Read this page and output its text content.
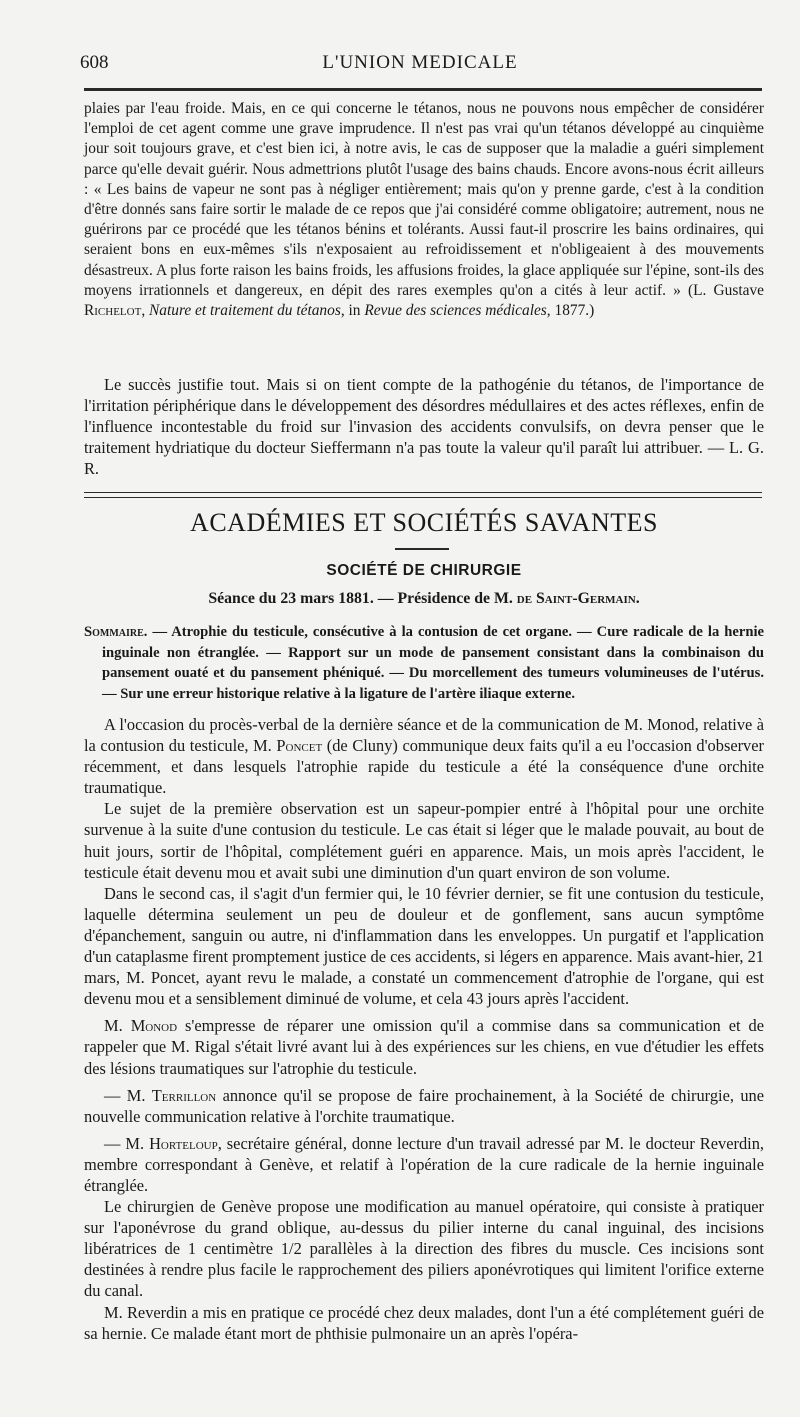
608	L'UNION MEDICALE

plaies par l'eau froide. Mais, en ce qui concerne le tétanos, nous ne pouvons nous empêcher de considérer l'emploi de cet agent comme une grave imprudence. Il n'est pas vrai qu'un tétanos développé au cinquième jour soit toujours grave, et c'est bien ici, à notre avis, le cas de supposer que la maladie a guéri simplement parce qu'elle devait guérir. Nous admettrions plutôt l'usage des bains chauds. Encore avons-nous écrit ailleurs : « Les bains de vapeur ne sont pas à négliger entièrement; mais qu'on y prenne garde, c'est à la condition d'être donnés sans faire sortir le malade de ce repos que j'ai considéré comme obligatoire; autrement, nous ne guérirons par ce procédé que les tétanos bénins et tolérants. Aussi faut-il proscrire les bains ordinaires, qui seraient bons en eux-mêmes s'ils n'exposaient au refroidissement et n'obligeaient à des mouvements désastreux. A plus forte raison les bains froids, les affusions froides, la glace appliquée sur l'épine, sont-ils des moyens irrationnels et dangereux, en dépit des rares exemples qu'on a cités à leur actif. » (L. Gustave Richelot, Nature et traitement du tétanos, in Revue des sciences médicales, 1877.)

Le succès justifie tout. Mais si on tient compte de la pathogénie du tétanos, de l'importance de l'irritation périphérique dans le développement des désordres médullaires et des actes réflexes, enfin de l'influence incontestable du froid sur l'invasion des accidents convulsifs, on devra penser que le traitement hydriatique du docteur Sieffermann n'a pas toute la valeur qu'il paraît lui attribuer. — L. G. R.

ACADÉMIES ET SOCIÉTÉS SAVANTES
SOCIÉTÉ DE CHIRURGIE
Séance du 23 mars 1881. — Présidence de M. de Saint-Germain.
Sommaire. — Atrophie du testicule, consécutive à la contusion de cet organe. — Cure radicale de la hernie inguinale non étranglée. — Rapport sur un mode de pansement consistant dans la combinaison du pansement ouaté et du pansement phéniqué. — Du morcellement des tumeurs volumineuses de l'utérus. — Sur une erreur historique relative à la ligature de l'artère iliaque externe.

A l'occasion du procès-verbal de la dernière séance et de la communication de M. Monod, relative à la contusion du testicule, M. Poncet (de Cluny) communique deux faits qu'il a eu l'occasion d'observer récemment, et dans lesquels l'atrophie rapide du testicule a été la conséquence d'une orchite traumatique.

Le sujet de la première observation est un sapeur-pompier entré à l'hôpital pour une orchite survenue à la suite d'une contusion du testicule. Le cas était si léger que le malade pouvait, au bout de huit jours, sortir de l'hôpital, complétement guéri en apparence. Mais, un mois après l'accident, le testicule était devenu mou et avait subi une diminution d'un quart environ de son volume.

Dans le second cas, il s'agit d'un fermier qui, le 10 février dernier, se fit une contusion du testicule, laquelle détermina seulement un peu de douleur et de gonflement, sans aucun symptôme d'épanchement, sanguin ou autre, ni d'inflammation dans les enveloppes. Un purgatif et l'application d'un cataplasme firent promptement justice de ces accidents, si légers en apparence. Mais avant-hier, 21 mars, M. Poncet, ayant revu le malade, a constaté un commencement d'atrophie de l'organe, qui est devenu mou et a sensiblement diminué de volume, et cela 43 jours après l'accident.

M. Monod s'empresse de réparer une omission qu'il a commise dans sa communication et de rappeler que M. Rigal s'était livré avant lui à des expériences sur les chiens, en vue d'étudier les effets des lésions traumatiques sur l'atrophie du testicule.

— M. Terrillon annonce qu'il se propose de faire prochainement, à la Société de chirurgie, une nouvelle communication relative à l'orchite traumatique.

— M. Horteloup, secrétaire général, donne lecture d'un travail adressé par M. le docteur Reverdin, membre correspondant à Genève, et relatif à l'opération de la cure radicale de la hernie inguinale étranglée.

Le chirurgien de Genève propose une modification au manuel opératoire, qui consiste à pratiquer sur l'aponévrose du grand oblique, au-dessus du pilier interne du canal inguinal, des incisions libératrices de 1 centimètre 1/2 parallèles à la direction des fibres du muscle. Ces incisions sont destinées à rendre plus facile le rapprochement des piliers aponévrotiques qui limitent l'orifice externe du canal.

M. Reverdin a mis en pratique ce procédé chez deux malades, dont l'un a été complétement guéri de sa hernie. Ce malade étant mort de phthisie pulmonaire un an après l'opéra-
